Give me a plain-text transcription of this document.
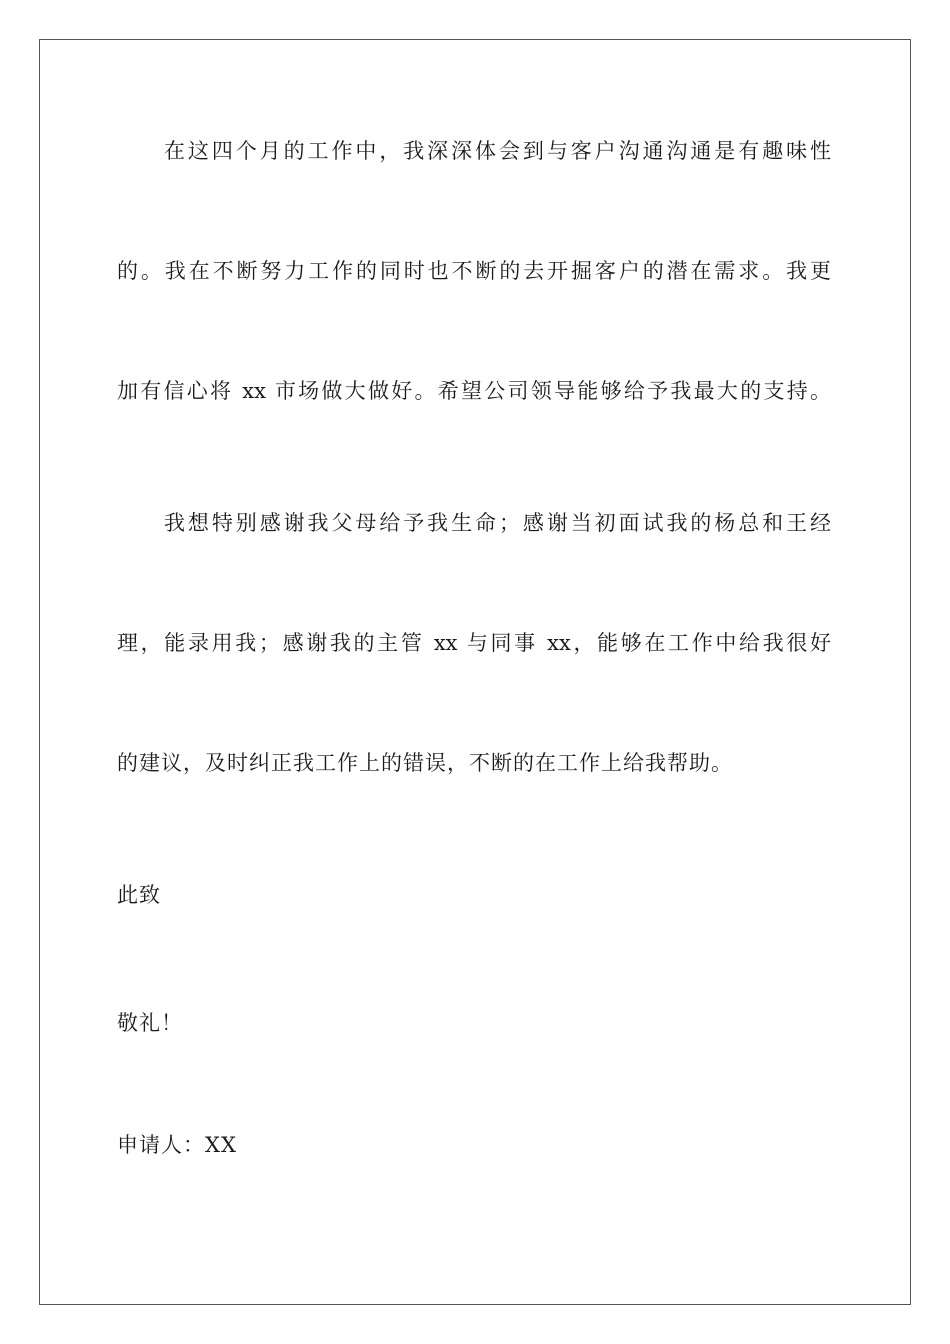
在这四个月的工作中，我深深体会到与客户沟通沟通是有趣味性
的。我在不断努力工作的同时也不断的去开掘客户的潜在需求。我更
加有信心将 xx 市场做大做好。希望公司领导能够给予我最大的支持。
我想特别感谢我父母给予我生命；感谢当初面试我的杨总和王经
理，能录用我；感谢我的主管 xx 与同事 xx，能够在工作中给我很好
的建议，及时纠正我工作上的错误，不断的在工作上给我帮助。
此致
敬礼！
申请人：XX
